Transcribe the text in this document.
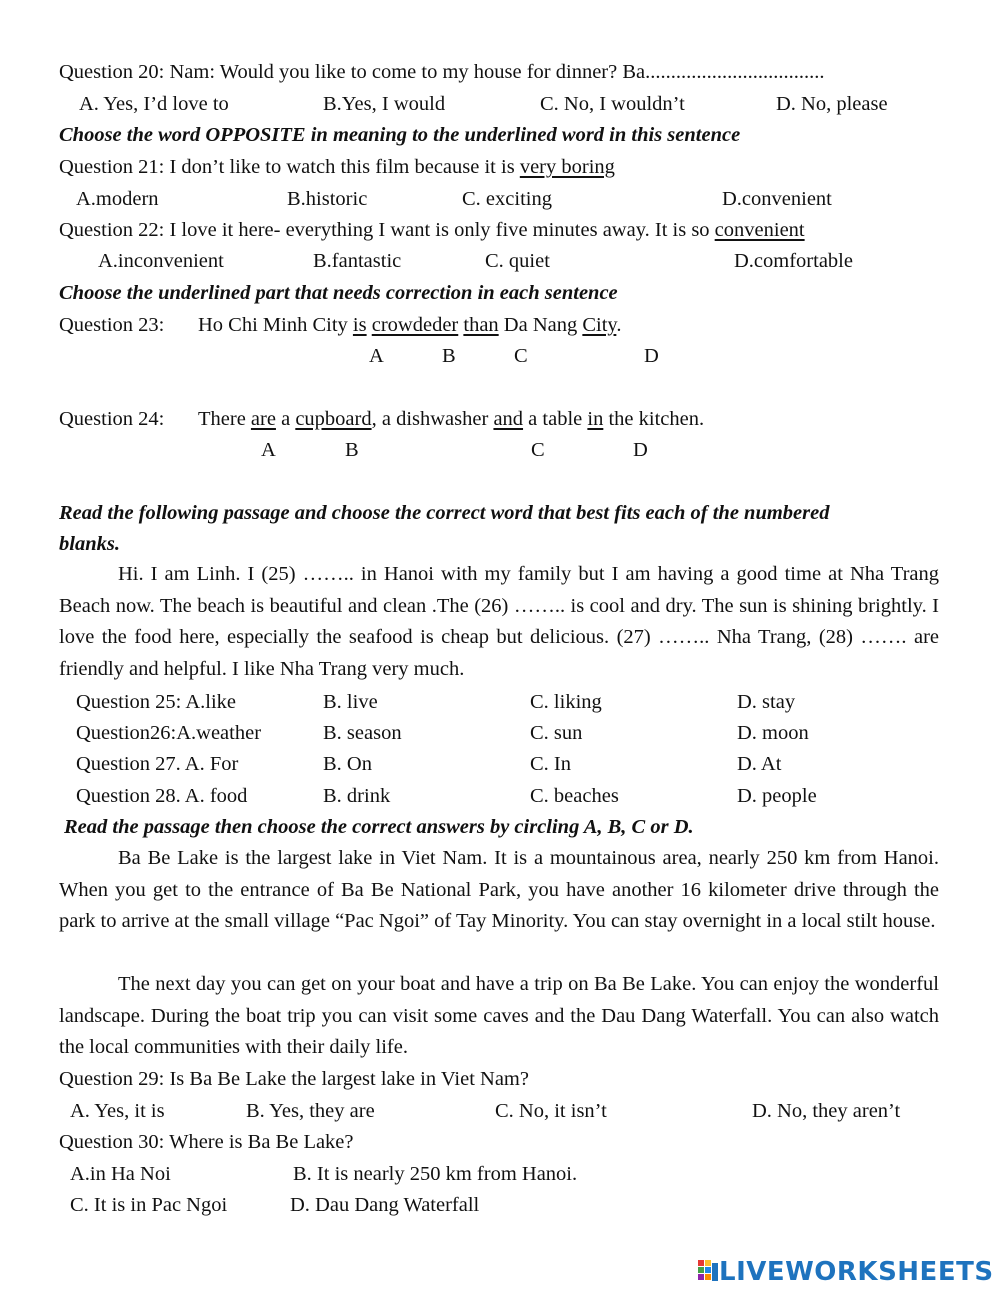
Question 20: Nam: Would you like to come to my house for dinner? Ba...................................
A. Yes, I’d love to	B.Yes, I would	C. No, I wouldn’t	D. No, please
Choose the word OPPOSITE in meaning to the underlined word in this sentence
Question 21: I don’t like to watch this film because it is very boring
A.modern	B.historic	C. exciting	D.convenient
Question 22: I love it here- everything I want is only five minutes away. It is so convenient
A.inconvenient	B.fantastic	C. quiet	D.comfortable
Choose the underlined part that needs correction in each sentence
Question 23: Ho Chi Minh City is crowdeder than Da Nang City.
A	B	C	D
Question 24: There are a cupboard, a dishwasher and a table in the kitchen.
A	B	C	D
Read the following passage and choose the correct word that best fits each of the numbered
blanks.

Hi. I am Linh. I (25) …….. in Hanoi with my family but I am having a good time at Nha Trang Beach now. The beach is beautiful and clean .The (26) …….. is cool and dry. The sun is shining brightly. I love the food here, especially the seafood is cheap but delicious. (27) …….. Nha Trang, (28) ……. are friendly and helpful. I like Nha Trang very much.

Question 25: A.like	B. live	C. liking	D. stay
Question26:A.weather	B. season	C. sun	D. moon
Question 27. A. For	B. On	C. In	D. At
Question 28. A. food	B. drink	C. beaches	D. people
Read the passage then choose the correct answers by circling A, B, C or D.

Ba Be Lake is the largest lake in Viet Nam. It is a mountainous area, nearly 250 km from Hanoi. When you get to the entrance of Ba Be National Park, you have another 16 kilometer drive through the park to arrive at the small village “Pac Ngoi” of Tay Minority. You can stay overnight in a local stilt house.

The next day you can get on your boat and have a trip on Ba Be Lake. You can enjoy the wonderful landscape. During the boat trip you can visit some caves and the Dau Dang Waterfall. You can also watch the local communities with their daily life.

Question 29: Is Ba Be Lake the largest lake in Viet Nam?
A. Yes, it is	B. Yes, they are	C. No, it isn’t	D. No, they aren’t
Question 30: Where is Ba Be Lake?
A.in Ha Noi	B. It is nearly 250 km from Hanoi.
C. It is in Pac Ngoi	D. Dau Dang Waterfall
LIVEWORKSHEETS
